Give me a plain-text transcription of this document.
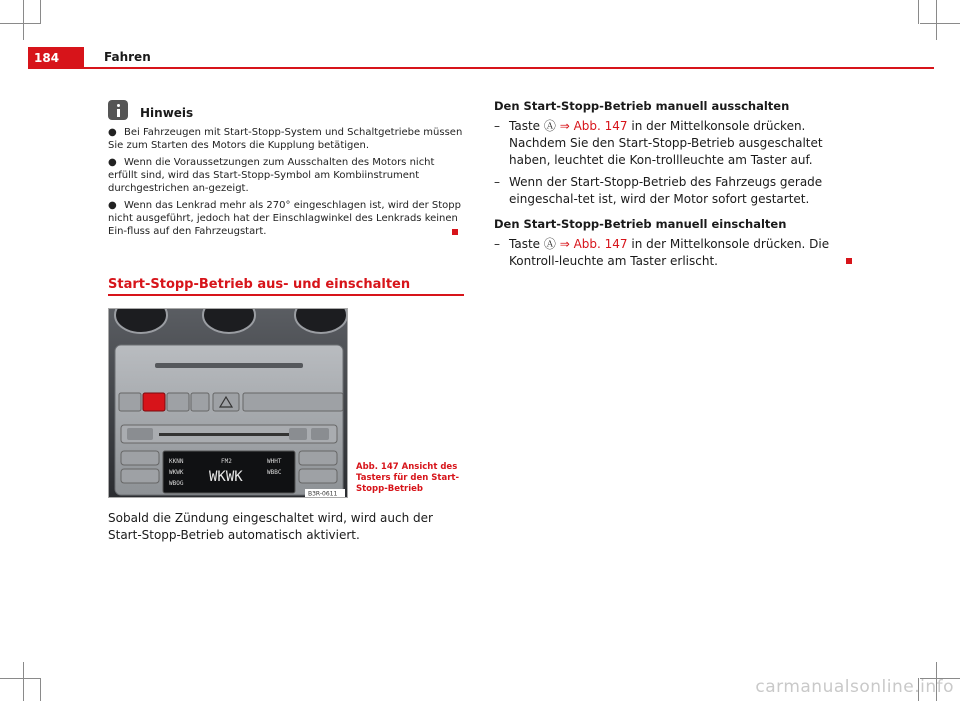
184	Fahren
Hinweis
● Bei Fahrzeugen mit Start-Stopp-System und Schaltgetriebe müssen Sie zum Starten des Motors die Kupplung betätigen.
● Wenn die Voraussetzungen zum Ausschalten des Motors nicht erfüllt sind, wird das Start-Stopp-Symbol am Kombiinstrument durchgestrichen an-gezeigt.
● Wenn das Lenkrad mehr als 270° eingeschlagen ist, wird der Stopp nicht ausgeführt, jedoch hat der Einschlagwinkel des Lenkrads keinen Ein-fluss auf den Fahrzeugstart.
Start-Stopp-Betrieb aus- und einschalten
KKNN
WKWK
WBOG
FM2
WKWK
WHHT
WBBC
B3R-0611
Abb. 147 Ansicht des Tasters für den Start-Stopp-Betrieb
Sobald die Zündung eingeschaltet wird, wird auch der Start-Stopp-Betrieb automatisch aktiviert.
Den Start-Stopp-Betrieb manuell ausschalten
– Taste Ⓐ ⇒ Abb. 147 in der Mittelkonsole drücken. Nachdem Sie den Start-Stopp-Betrieb ausgeschaltet haben, leuchtet die Kon-trollleuchte am Taster auf.
– Wenn der Start-Stopp-Betrieb des Fahrzeugs gerade eingeschal-tet ist, wird der Motor sofort gestartet.
Den Start-Stopp-Betrieb manuell einschalten
– Taste Ⓐ ⇒ Abb. 147 in der Mittelkonsole drücken. Die Kontroll-leuchte am Taster erlischt.
carmanualsonline.info
